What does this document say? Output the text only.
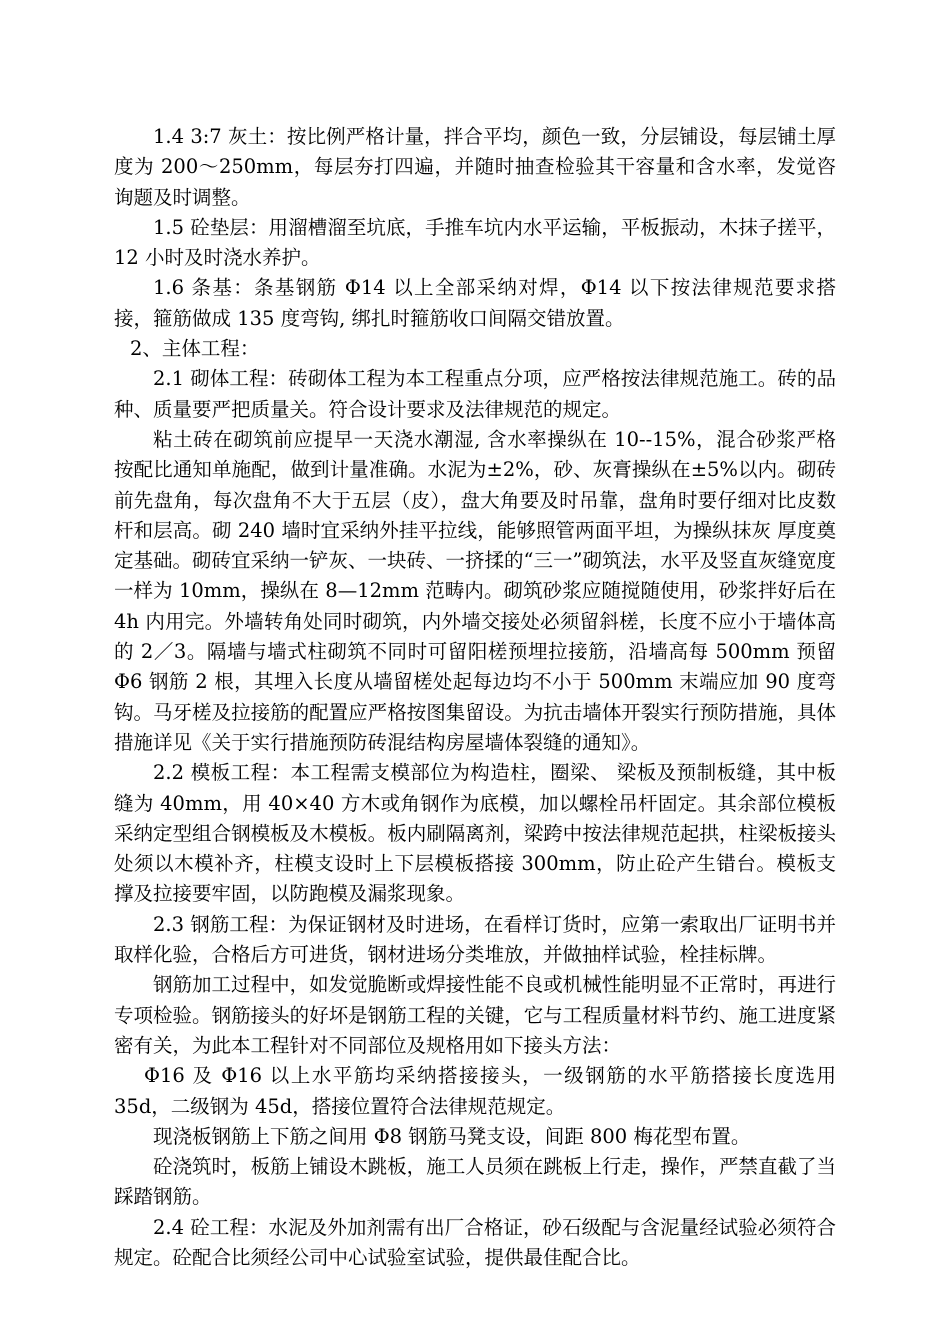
1.4 3:7 灰土：按比例严格计量，拌合平均，颜色一致，分层铺设，每层铺土厚度为 200～250mm，每层夯打四遍，并随时抽查检验其干容量和含水率，发觉咨询题及时调整。

1.5 砼垫层：用溜槽溜至坑底，手推车坑内水平运输，平板振动，木抹子搓平，12 小时及时浇水养护。

1.6 条基：条基钢筋 Φ14 以上全部采纳对焊，Φ14 以下按法律规范要求搭接，箍筋做成 135 度弯钩, 绑扎时箍筋收口间隔交错放置。

2、主体工程：

2.1 砌体工程：砖砌体工程为本工程重点分项，应严格按法律规范施工。砖的品种、质量要严把质量关。符合设计要求及法律规范的规定。

粘土砖在砌筑前应提早一天浇水潮湿, 含水率操纵在 10--15%，混合砂浆严格按配比通知单施配，做到计量准确。水泥为±2%，砂、灰膏操纵在±5%以内。砌砖前先盘角，每次盘角不大于五层（皮），盘大角要及时吊靠，盘角时要仔细对比皮数杆和层高。砌 240 墙时宜采纳外挂平拉线，能够照管两面平坦，为操纵抹灰 厚度奠定基础。砌砖宜采纳一铲灰、一块砖、一挤揉的“三一”砌筑法，水平及竖直灰缝宽度一样为 10mm，操纵在 8—12mm 范畴内。砌筑砂浆应随搅随使用，砂浆拌好后在 4h 内用完。外墙转角处同时砌筑，内外墙交接处必须留斜槎，长度不应小于墙体高的 2／3。隔墙与墙式柱砌筑不同时可留阳槎预埋拉接筋，沿墙高每 500mm 预留 Φ6 钢筋 2 根，其埋入长度从墙留槎处起每边均不小于 500mm 末端应加 90 度弯钩。马牙槎及拉接筋的配置应严格按图集留设。为抗击墙体开裂实行预防措施，具体措施详见《关于实行措施预防砖混结构房屋墙体裂缝的通知》。

2.2 模板工程：本工程需支模部位为构造柱，圈梁、 梁板及预制板缝，其中板缝为 40mm，用 40×40 方木或角钢作为底模，加以螺栓吊杆固定。其余部位模板采纳定型组合钢模板及木模板。板内刷隔离剂，梁跨中按法律规范起拱，柱梁板接头处须以木模补齐，柱模支设时上下层模板搭接 300mm，防止砼产生错台。模板支撑及拉接要牢固，以防跑模及漏浆现象。

2.3 钢筋工程：为保证钢材及时进场，在看样订货时，应第一索取出厂证明书并取样化验，合格后方可进货，钢材进场分类堆放，并做抽样试验，栓挂标牌。

钢筋加工过程中，如发觉脆断或焊接性能不良或机械性能明显不正常时，再进行专项检验。钢筋接头的好坏是钢筋工程的关键，它与工程质量材料节约、施工进度紧密有关，为此本工程针对不同部位及规格用如下接头方法：

Φ16 及 Φ16 以上水平筋均采纳搭接接头，一级钢筋的水平筋搭接长度选用 35d，二级钢为 45d，搭接位置符合法律规范规定。

现浇板钢筋上下筋之间用 Φ8 钢筋马凳支设，间距 800 梅花型布置。

砼浇筑时，板筋上铺设木跳板，施工人员须在跳板上行走，操作，严禁直截了当踩踏钢筋。

2.4 砼工程：水泥及外加剂需有出厂合格证，砂石级配与含泥量经试验必须符合规定。砼配合比须经公司中心试验室试验，提供最佳配合比。
